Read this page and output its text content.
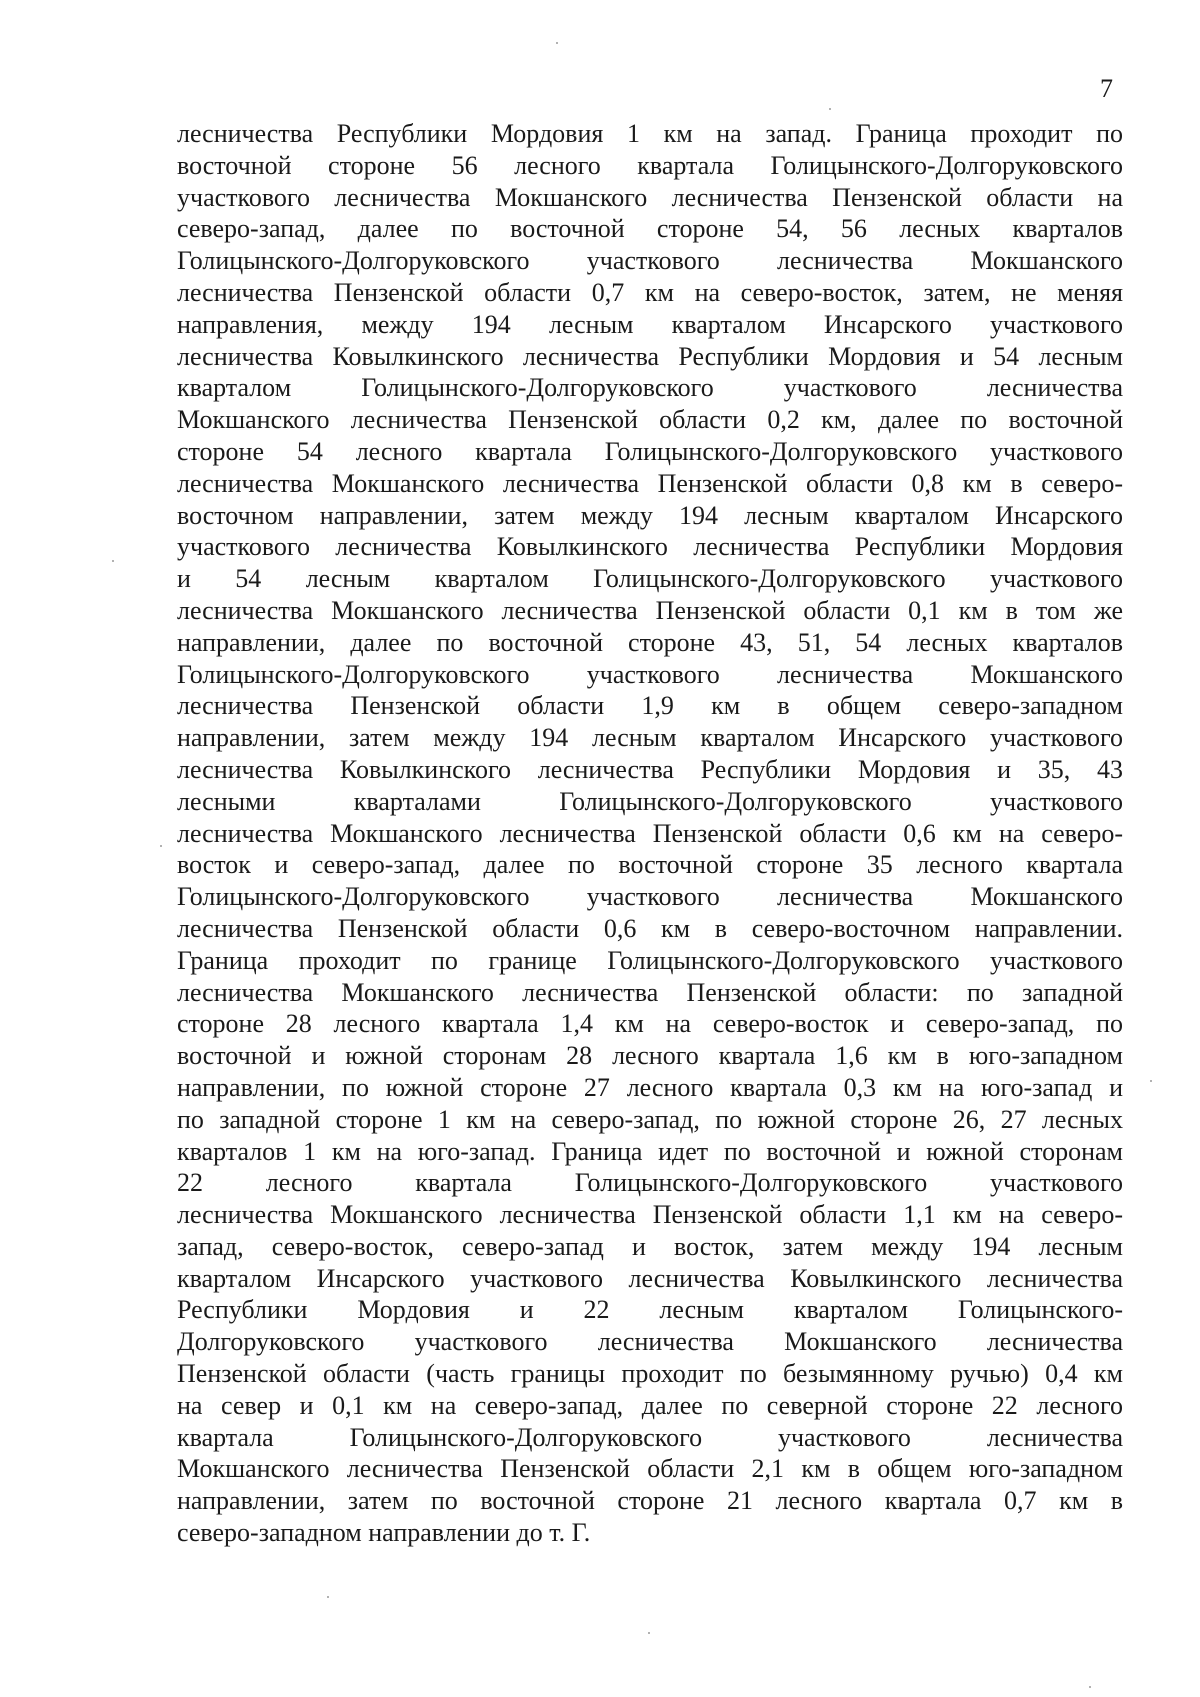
7
лесничества Республики Мордовия 1 км на запад. Граница проходит по
восточной стороне 56 лесного квартала Голицынского-Долгоруковского
участкового лесничества Мокшанского лесничества Пензенской области на
северо-запад, далее по восточной стороне 54, 56 лесных кварталов
Голицынского-Долгоруковского участкового лесничества Мокшанского
лесничества Пензенской области 0,7 км на северо-восток, затем, не меняя
направления, между 194 лесным кварталом Инсарского участкового
лесничества Ковылкинского лесничества Республики Мордовия и 54 лесным
кварталом Голицынского-Долгоруковского участкового лесничества
Мокшанского лесничества Пензенской области 0,2 км, далее по восточной
стороне 54 лесного квартала Голицынского-Долгоруковского участкового
лесничества Мокшанского лесничества Пензенской области 0,8 км в северо-
восточном направлении, затем между 194 лесным кварталом Инсарского
участкового лесничества Ковылкинского лесничества Республики Мордовия
и 54 лесным кварталом Голицынского-Долгоруковского участкового
лесничества Мокшанского лесничества Пензенской области 0,1 км в том же
направлении, далее по восточной стороне 43, 51, 54 лесных кварталов
Голицынского-Долгоруковского участкового лесничества Мокшанского
лесничества Пензенской области 1,9 км в общем северо-западном
направлении, затем между 194 лесным кварталом Инсарского участкового
лесничества Ковылкинского лесничества Республики Мордовия и 35, 43
лесными кварталами Голицынского-Долгоруковского участкового
лесничества Мокшанского лесничества Пензенской области 0,6 км на северо-
восток и северо-запад, далее по восточной стороне 35 лесного квартала
Голицынского-Долгоруковского участкового лесничества Мокшанского
лесничества Пензенской области 0,6 км в северо-восточном направлении.
Граница проходит по границе Голицынского-Долгоруковского участкового
лесничества Мокшанского лесничества Пензенской области: по западной
стороне 28 лесного квартала 1,4 км на северо-восток и северо-запад, по
восточной и южной сторонам 28 лесного квартала 1,6 км в юго-западном
направлении, по южной стороне 27 лесного квартала 0,3 км на юго-запад и
по западной стороне 1 км на северо-запад, по южной стороне 26, 27 лесных
кварталов 1 км на юго-запад. Граница идет по восточной и южной сторонам
22 лесного квартала Голицынского-Долгоруковского участкового
лесничества Мокшанского лесничества Пензенской области 1,1 км на северо-
запад, северо-восток, северо-запад и восток, затем между 194 лесным
кварталом Инсарского участкового лесничества Ковылкинского лесничества
Республики Мордовия и 22 лесным кварталом Голицынского-
Долгоруковского участкового лесничества Мокшанского лесничества
Пензенской области (часть границы проходит по безымянному ручью) 0,4 км
на север и 0,1 км на северо-запад, далее по северной стороне 22 лесного
квартала Голицынского-Долгоруковского участкового лесничества
Мокшанского лесничества Пензенской области 2,1 км в общем юго-западном
направлении, затем по восточной стороне 21 лесного квартала 0,7 км в
северо-западном направлении до т. Г.
